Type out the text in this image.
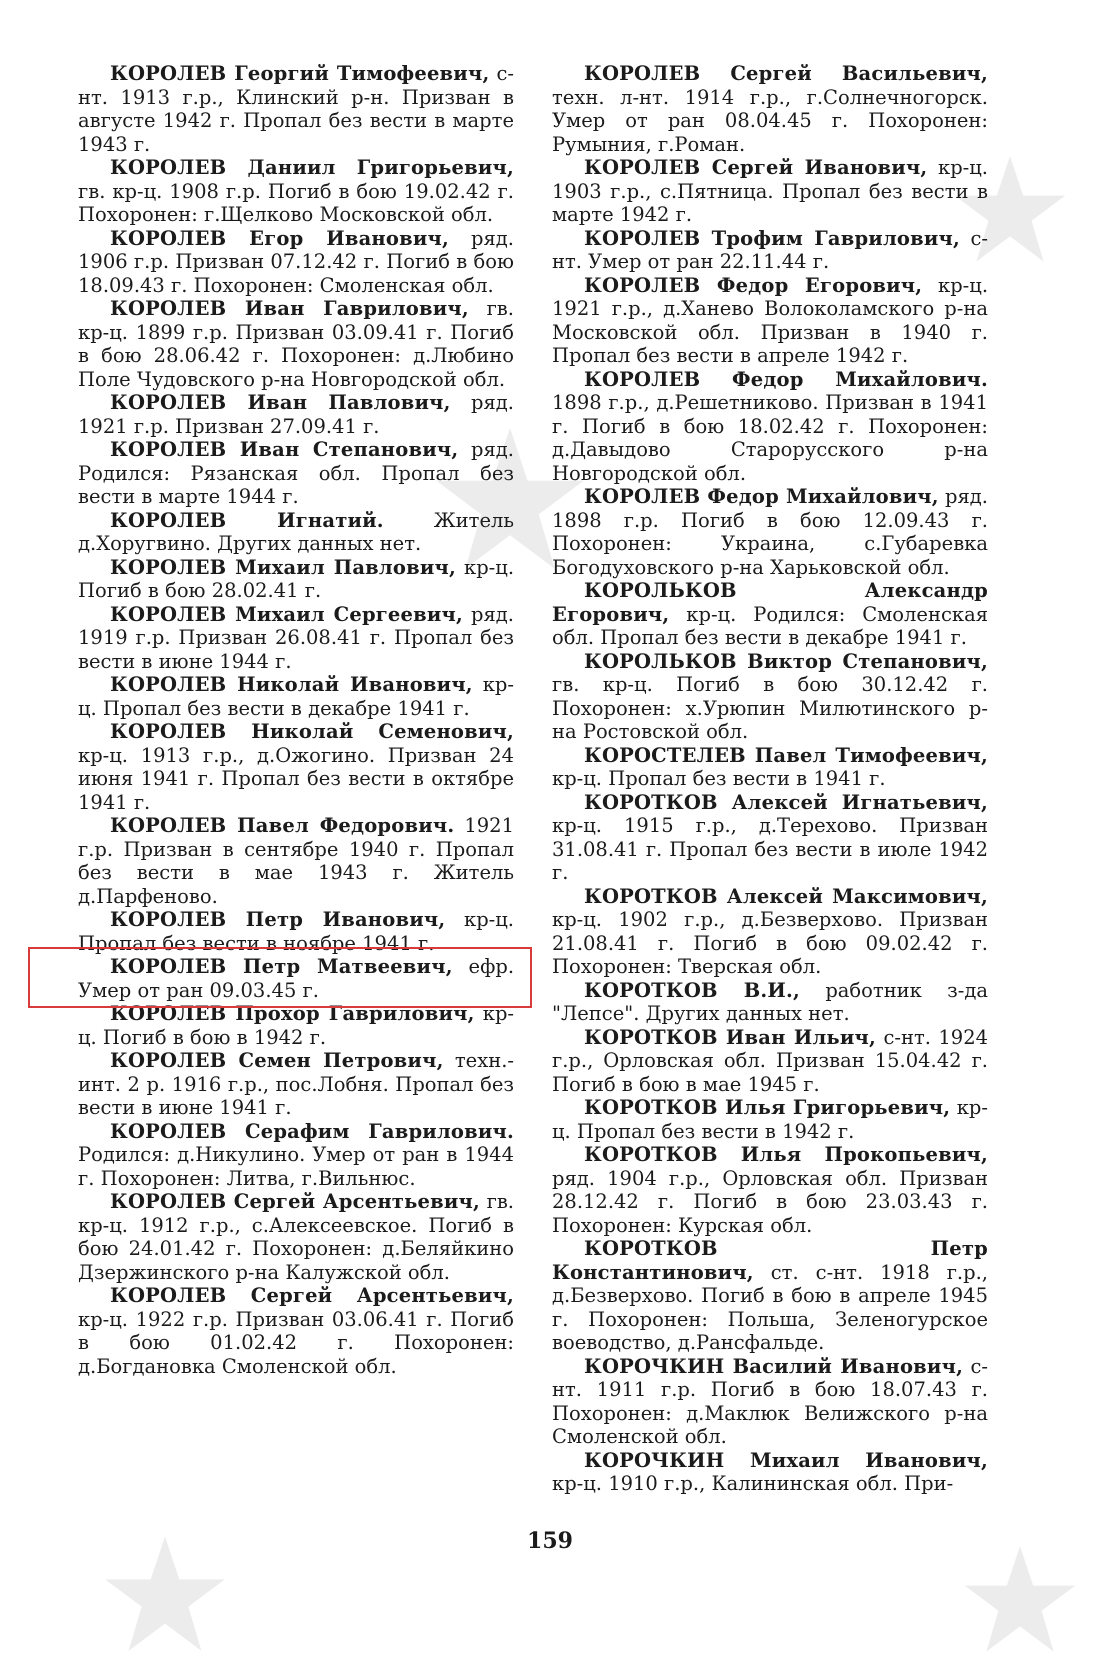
КОРОЛЕВ Георгий Тимофеевич, с-нт. 1913 г.р., Клинский р-н. Призван в августе 1942 г. Пропал без вести в марте 1943 г.

КОРОЛЕВ Даниил Григорьевич, гв. кр-ц. 1908 г.р. Погиб в бою 19.02.42 г. Похоронен: г.Щелково Московской обл.

КОРОЛЕВ Егор Иванович, ряд. 1906 г.р. Призван 07.12.42 г. Погиб в бою 18.09.43 г. Похоронен: Смоленская обл.

КОРОЛЕВ Иван Гаврилович, гв. кр-ц. 1899 г.р. Призван 03.09.41 г. Погиб в бою 28.06.42 г. Похоронен: д.Любино Поле Чудовского р-на Новгородской обл.

КОРОЛЕВ Иван Павлович, ряд. 1921 г.р. Призван 27.09.41 г.

КОРОЛЕВ Иван Степанович, ряд. Родился: Рязанская обл. Пропал без вести в марте 1944 г.

КОРОЛЕВ Игнатий.	Житель д.Хоругвино. Других данных нет.

КОРОЛЕВ Михаил Павлович, кр-ц. Погиб в бою 28.02.41 г.

КОРОЛЕВ Михаил Сергеевич, ряд. 1919 г.р. Призван 26.08.41 г. Пропал без вести в июне 1944 г.

КОРОЛЕВ Николай Иванович, кр-ц. Пропал без вести в декабре 1941 г.

КОРОЛЕВ Николай Семенович, кр-ц. 1913 г.р., д.Ожогино. Призван 24 июня 1941 г. Пропал без вести в октябре 1941 г.

КОРОЛЕВ Павел Федорович. 1921 г.р. Призван в сентябре 1940 г. Пропал без вести в мае 1943 г. Житель д.Парфеново.

КОРОЛЕВ Петр Иванович, кр-ц. Пропал без вести в ноябре 1941 г.

КОРОЛЕВ Петр Матвеевич, ефр. Умер от ран 09.03.45 г.

КОРОЛЕВ Прохор Гаврилович, кр-ц. Погиб в бою в 1942 г.

КОРОЛЕВ Семен Петрович, техн.-инт. 2 р. 1916 г.р., пос.Лобня. Пропал без вести в июне 1941 г.

КОРОЛЕВ Серафим Гаврилович. Родился: д.Никулино. Умер от ран в 1944 г. Похоронен: Литва, г.Вильнюс.

КОРОЛЕВ Сергей Арсентьевич, гв. кр-ц. 1912 г.р., с.Алексеевское. Погиб в бою 24.01.42 г. Похоронен: д.Беляйкино Дзержинского р-на Калужской обл.

КОРОЛЕВ Сергей Арсентьевич, кр-ц. 1922 г.р. Призван 03.06.41 г. Погиб в бою 01.02.42 г. Похоронен: д.Богдановка Смоленской обл.

КОРОЛЕВ Сергей Васильевич, техн. л-нт. 1914 г.р., г.Солнечногорск. Умер от ран 08.04.45 г. Похоронен: Румыния, г.Роман.

КОРОЛЕВ Сергей Иванович, кр-ц. 1903 г.р., с.Пятница. Пропал без вести в марте 1942 г.

КОРОЛЕВ Трофим Гаврилович, с-нт. Умер от ран 22.11.44 г.

КОРОЛЕВ Федор Егорович, кр-ц. 1921 г.р., д.Ханево Волоколамского р-на Московской обл. Призван в 1940 г. Пропал без вести в апреле 1942 г.

КОРОЛЕВ Федор Михайлович. 1898 г.р., д.Решетниково. Призван в 1941 г. Погиб в бою 18.02.42 г. Похоронен: д.Давыдово Старорусского р-на Новгородской обл.

КОРОЛЕВ Федор Михайлович, ряд. 1898 г.р. Погиб в бою 12.09.43 г. Похоронен: Украина, с.Губаревка Богодуховского р-на Харьковской обл.

КОРОЛЬКОВ Александр Егорович, кр-ц. Родился: Смоленская обл. Пропал без вести в декабре 1941 г.

КОРОЛЬКОВ Виктор Степанович, гв. кр-ц. Погиб в бою 30.12.42 г. Похоронен: х.Урюпин Милютинского р-на Ростовской обл.

КОРОСТЕЛЕВ Павел Тимофеевич, кр-ц. Пропал без вести в 1941 г.

КОРОТКОВ Алексей Игнатьевич, кр-ц. 1915 г.р., д.Терехово. Призван 31.08.41 г. Пропал без вести в июле 1942 г.

КОРОТКОВ Алексей Максимович, кр-ц. 1902 г.р., д.Безверхово. Призван 21.08.41 г. Погиб в бою 09.02.42 г. Похоронен: Тверская обл.

КОРОТКОВ В.И., работник з-да "Лепсе". Других данных нет.

КОРОТКОВ Иван Ильич, с-нт. 1924 г.р., Орловская обл. Призван 15.04.42 г. Погиб в бою в мае 1945 г.

КОРОТКОВ Илья Григорьевич, кр-ц. Пропал без вести в 1942 г.

КОРОТКОВ Илья Прокопьевич, ряд. 1904 г.р., Орловская обл. Призван 28.12.42 г. Погиб в бою 23.03.43 г. Похоронен: Курская обл.

КОРОТКОВ Петр Константинович, ст. с-нт. 1918 г.р., д.Безверхово. Погиб в бою в апреле 1945 г. Похоронен: Польша, Зеленогурское воеводство, д.Рансфальде.

КОРОЧКИН Василий Иванович, с-нт. 1911 г.р. Погиб в бою 18.07.43 г. Похоронен: д.Маклюк Велижского р-на Смоленской обл.

КОРОЧКИН Михаил Иванович, кр-ц. 1910 г.р., Калининская обл. При-

159
